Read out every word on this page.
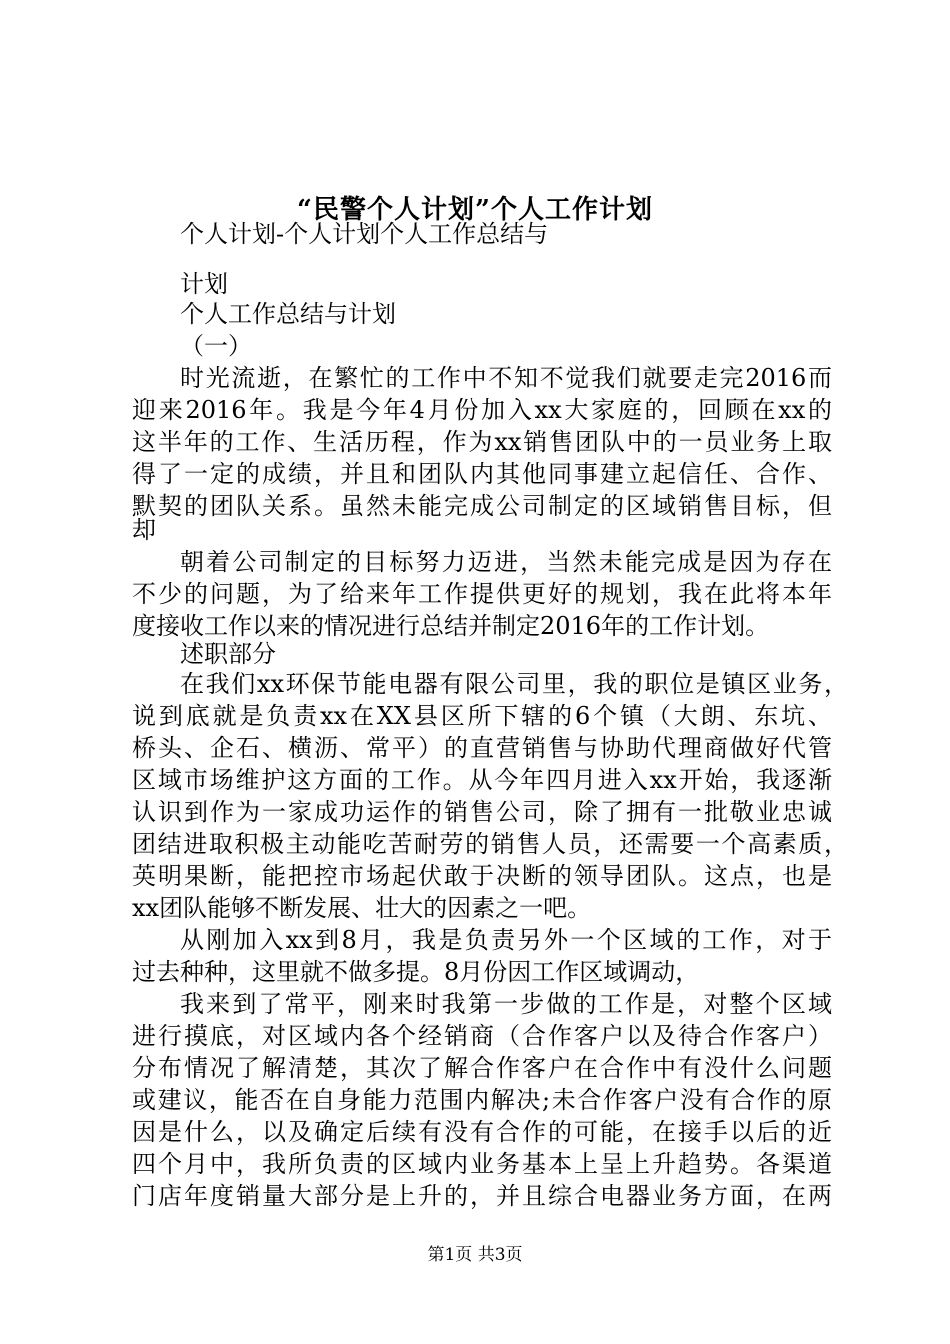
“民警个人计划”个人工作计划
个人计划-个人计划个人工作总结与
计划
个人工作总结与计划
（一）
时光流逝，在繁忙的工作中不知不觉我们就要走完2016而
迎来2016年。我是今年4月份加入xx大家庭的，回顾在xx的
这半年的工作、生活历程，作为xx销售团队中的一员业务上取
得了一定的成绩，并且和团队内其他同事建立起信任、合作、
默契的团队关系。虽然未能完成公司制定的区域销售目标，但
却
朝着公司制定的目标努力迈进，当然未能完成是因为存在
不少的问题，为了给来年工作提供更好的规划，我在此将本年
度接收工作以来的情况进行总结并制定2016年的工作计划。
述职部分
在我们xx环保节能电器有限公司里，我的职位是镇区业务，
说到底就是负责xx在XX县区所下辖的6个镇（大朗、东坑、
桥头、企石、横沥、常平）的直营销售与协助代理商做好代管
区域市场维护这方面的工作。从今年四月进入xx开始，我逐渐
认识到作为一家成功运作的销售公司，除了拥有一批敬业忠诚
团结进取积极主动能吃苦耐劳的销售人员，还需要一个高素质，
英明果断，能把控市场起伏敢于决断的领导团队。这点，也是
xx团队能够不断发展、壮大的因素之一吧。
从刚加入xx到8月，我是负责另外一个区域的工作，对于
过去种种，这里就不做多提。8月份因工作区域调动，
我来到了常平，刚来时我第一步做的工作是，对整个区域
进行摸底，对区域内各个经销商（合作客户以及待合作客户）
分布情况了解清楚，其次了解合作客户在合作中有没什么问题
或建议，能否在自身能力范围内解决;未合作客户没有合作的原
因是什么，以及确定后续有没有合作的可能，在接手以后的近
四个月中，我所负责的区域内业务基本上呈上升趋势。各渠道
门店年度销量大部分是上升的，并且综合电器业务方面，在两
第1页 共3页
